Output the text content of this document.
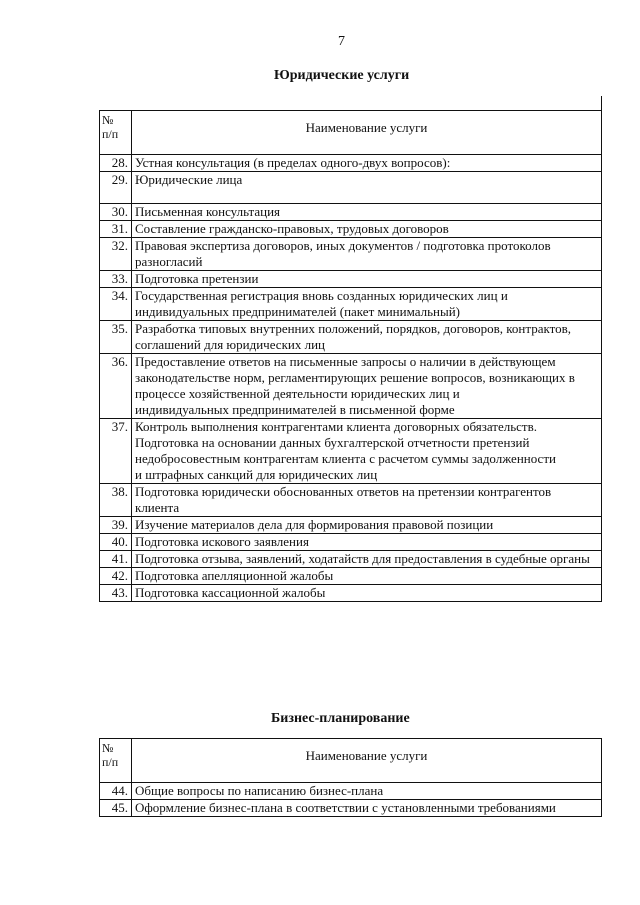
7
Юридические услуги
№
п/п	Наименование услуги
28.	Устная консультация (в пределах одного-двух вопросов):
29.	Юридические лица
30.	Письменная консультация
31.	Составление гражданско-правовых, трудовых договоров
32.	Правовая экспертиза договоров, иных документов / подготовка протоколов разногласий
33.	Подготовка претензии
34.	Государственная регистрация вновь созданных юридических лиц и индивидуальных предпринимателей (пакет минимальный)
35.	Разработка типовых внутренних положений, порядков, договоров, контрактов, соглашений для юридических лиц
36.	Предоставление ответов на письменные запросы о наличии в действующем
законодательстве норм, регламентирующих решение вопросов, возникающих в процессе хозяйственной деятельности юридических лиц и
индивидуальных предпринимателей в письменной форме
37.	Контроль выполнения контрагентами клиента договорных обязательств. Подготовка на основании данных бухгалтерской отчетности претензий недобросовестным контрагентам клиента с расчетом суммы задолженности
и штрафных санкций для юридических лиц
38.	Подготовка юридически обоснованных ответов на претензии контрагентов
клиента
39.	Изучение материалов дела для формирования правовой позиции
40.	Подготовка искового заявления
41.	Подготовка отзыва, заявлений, ходатайств для предоставления в судебные органы
42.	Подготовка апелляционной жалобы
43.	Подготовка кассационной жалобы
Бизнес-планирование
№
п/п	Наименование услуги
44.	Общие вопросы по написанию бизнес-плана
45.	Оформление бизнес-плана в соответствии с установленными требованиями
